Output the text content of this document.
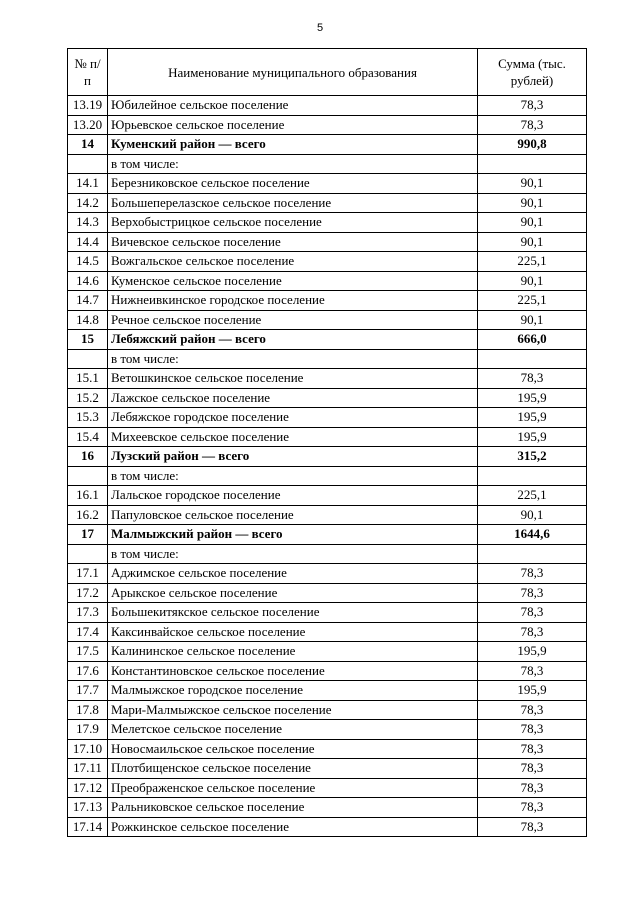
5
№ п/п	Наименование муниципального образования	Сумма (тыс. рублей)
13.19	Юбилейное сельское поселение	78,3
13.20	Юрьевское сельское поселение	78,3
14	Куменский район — всего	990,8
	в том числе:	
14.1	Березниковское сельское поселение	90,1
14.2	Большеперелазское сельское поселение	90,1
14.3	Верхобыстрицкое сельское поселение	90,1
14.4	Вичевское сельское поселение	90,1
14.5	Вожгальское сельское поселение	225,1
14.6	Куменское сельское поселение	90,1
14.7	Нижнеивкинское городское поселение	225,1
14.8	Речное сельское поселение	90,1
15	Лебяжский район — всего	666,0
	в том числе:	
15.1	Ветошкинское сельское поселение	78,3
15.2	Лажское сельское поселение	195,9
15.3	Лебяжское городское поселение	195,9
15.4	Михеевское сельское поселение	195,9
16	Лузский район — всего	315,2
	в том числе:	
16.1	Лальское городское поселение	225,1
16.2	Папуловское сельское поселение	90,1
17	Малмыжский район — всего	1644,6
	в том числе:	
17.1	Аджимское сельское поселение	78,3
17.2	Арыкское сельское поселение	78,3
17.3	Большекитякское сельское поселение	78,3
17.4	Каксинвайское сельское поселение	78,3
17.5	Калининское сельское поселение	195,9
17.6	Константиновское сельское поселение	78,3
17.7	Малмыжское городское поселение	195,9
17.8	Мари-Малмыжское сельское поселение	78,3
17.9	Мелетское сельское поселение	78,3
17.10	Новосмаильское сельское поселение	78,3
17.11	Плотбищенское сельское поселение	78,3
17.12	Преображенское сельское поселение	78,3
17.13	Ральниковское сельское поселение	78,3
17.14	Рожкинское сельское поселение	78,3
